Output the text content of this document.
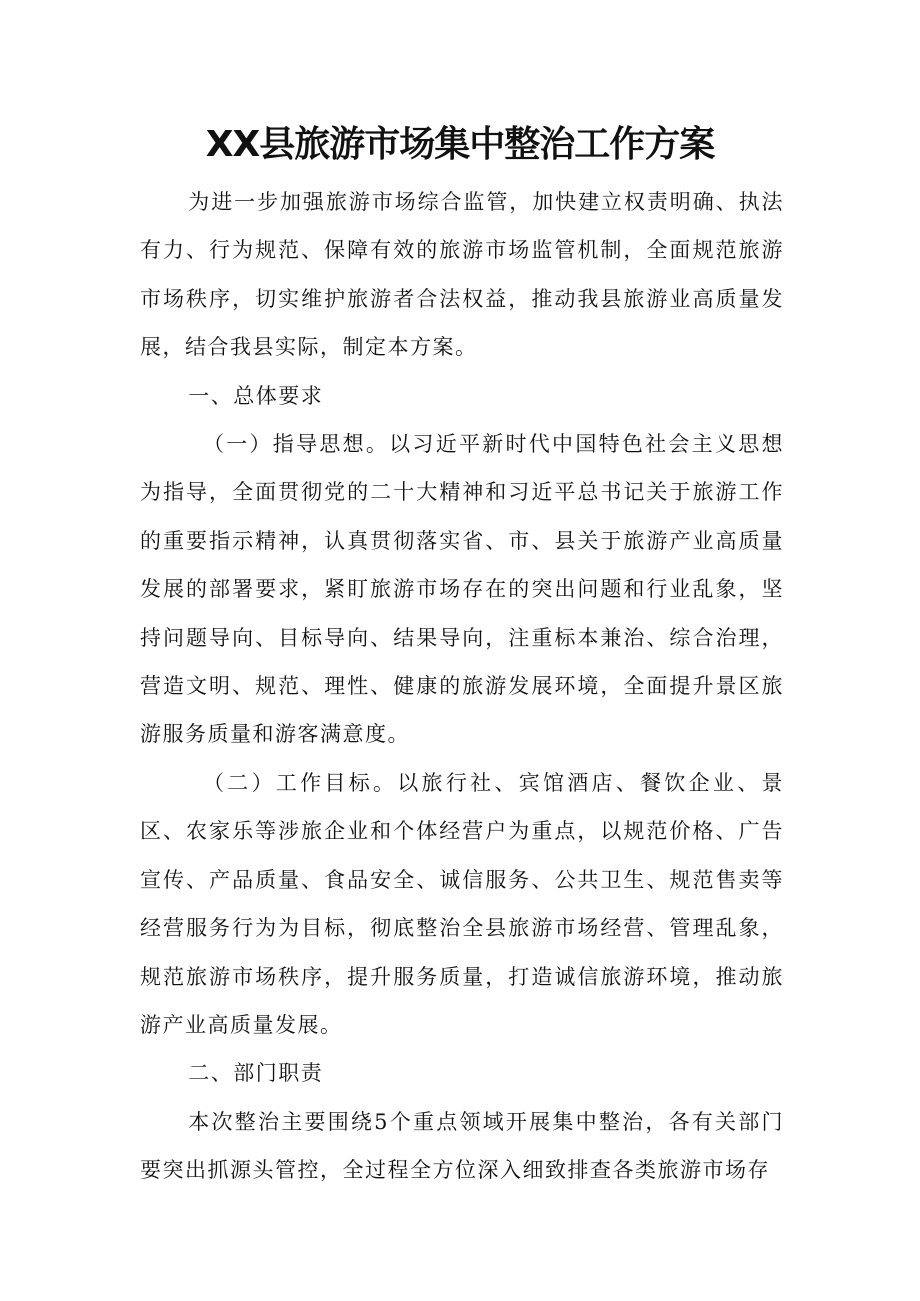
XX县旅游市场集中整治工作方案

为进一步加强旅游市场综合监管，加快建立权责明确、执法有力、行为规范、保障有效的旅游市场监管机制，全面规范旅游市场秩序，切实维护旅游者合法权益，推动我县旅游业高质量发展，结合我县实际，制定本方案。

一、总体要求

（一）指导思想。以习近平新时代中国特色社会主义思想为指导，全面贯彻党的二十大精神和习近平总书记关于旅游工作的重要指示精神，认真贯彻落实省、市、县关于旅游产业高质量发展的部署要求，紧盯旅游市场存在的突出问题和行业乱象，坚持问题导向、目标导向、结果导向，注重标本兼治、综合治理，营造文明、规范、理性、健康的旅游发展环境，全面提升景区旅游服务质量和游客满意度。

（二）工作目标。以旅行社、宾馆酒店、餐饮企业、景区、农家乐等涉旅企业和个体经营户为重点，以规范价格、广告宣传、产品质量、食品安全、诚信服务、公共卫生、规范售卖等经营服务行为为目标，彻底整治全县旅游市场经营、管理乱象，规范旅游市场秩序，提升服务质量，打造诚信旅游环境，推动旅游产业高质量发展。

二、部门职责

本次整治主要围绕5个重点领域开展集中整治，各有关部门要突出抓源头管控，全过程全方位深入细致排查各类旅游市场存
